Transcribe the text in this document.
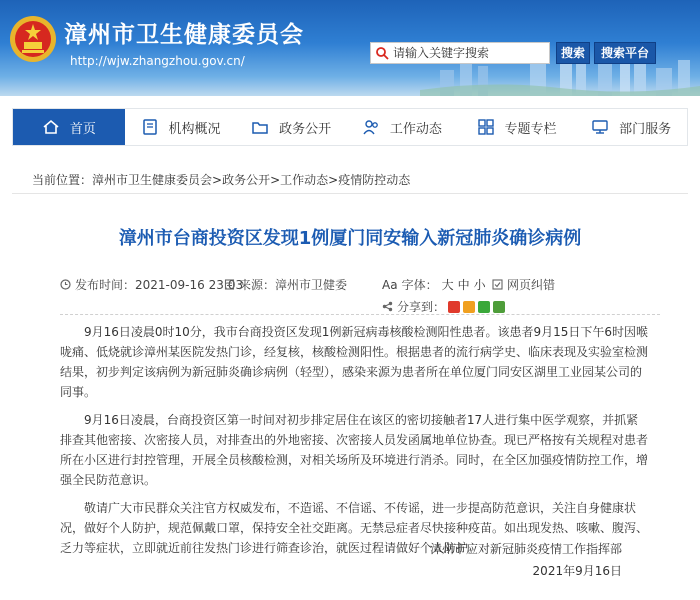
漳州市卫生健康委员会
http://wjw.zhangzhou.gov.cn/
请输入关键字搜索
搜索	搜索平台
首页	机构概况	政务公开	工作动态	专题专栏	部门服务
当前位置：漳州市卫生健康委员会>政务公开>工作动态>疫情防控动态
漳州市台商投资区发现1例厦门同安输入新冠肺炎确诊病例
发布时间： 2021-09-16 23:03
来源： 漳州市卫健委	Aa 字体： 大 中 小 网页纠错
分享到：

9月16日凌晨0时10分，我市台商投资区发现1例新冠病毒核酸检测阳性患者。该患者9月15日下午6时因喉咙痛、低烧就诊漳州某医院发热门诊，经复核，核酸检测阳性。根据患者的流行病学史、临床表现及实验室检测结果，初步判定该病例为新冠肺炎确诊病例（轻型），感染来源为患者所在单位厦门同安区湖里工业园某公司的同事。

9月16日凌晨，台商投资区第一时间对初步排定居住在该区的密切接触者17人进行集中医学观察，并抓紧排查其他密接、次密接人员，对排查出的外地密接、次密接人员发函属地单位协查。现已严格按有关规程对患者所在小区进行封控管理，开展全员核酸检测，对相关场所及环境进行消杀。同时，在全区加强疫情防控工作，增强全民防范意识。

敬请广大市民群众关注官方权威发布，不造谣、不信谣、不传谣，进一步提高防范意识，关注自身健康状况，做好个人防护，规范佩戴口罩，保持安全社交距离。无禁忌症者尽快接种疫苗。如出现发热、咳嗽、腹泻、乏力等症状，立即就近前往发热门诊进行筛查诊治，就医过程请做好个人防护。

漳州市应对新冠肺炎疫情工作指挥部
2021年9月16日
